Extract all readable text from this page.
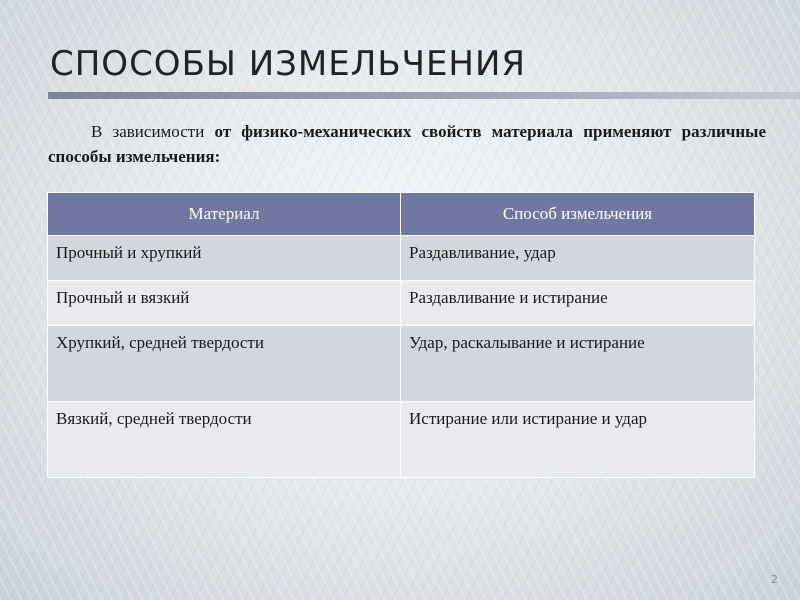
СПОСОБЫ ИЗМЕЛЬЧЕНИЯ

В зависимости от физико-механических свойств материала применяют различные способы измельчения:

Материал	Способ измельчения
Прочный и хрупкий	Раздавливание, удар
Прочный и вязкий	Раздавливание и истирание
Хрупкий, средней твердости	Удар, раскалывание и истирание
Вязкий, средней твердости	Истирание или истирание и удар
2
